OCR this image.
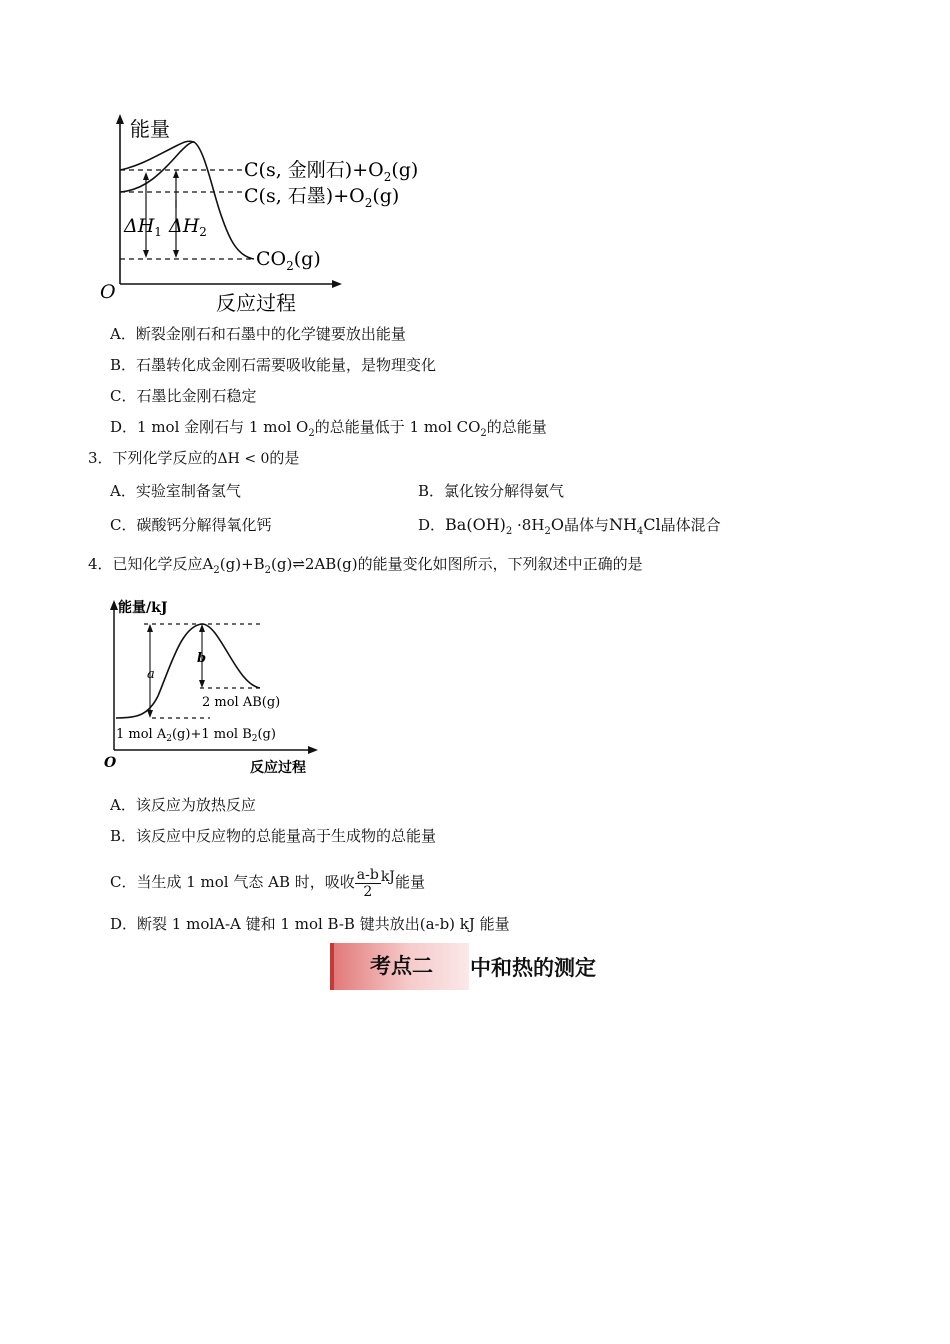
能量
O	反应过程
$\Delta H_1$ $\Delta H_2$
C(s, 金刚石)$+O_2(g)$
C(s, 石墨)$+O_2(g)$
$CO_2(g)$
A．断裂金刚石和石墨中的化学键要放出能量
B．石墨转化成金刚石需要吸收能量，是物理变化
C．石墨比金刚石稳定
D．1 mol 金刚石与 1 mol $O_2$的总能量低于 1 mol $CO_2$的总能量
3．下列化学反应的ΔH < 0的是
A．实验室制备氢气	B．氯化铵分解得氨气
C．碳酸钙分解得氧化钙	D．$Ba(OH)_2 \cdot 8H_2O$晶体与$NH_4Cl$晶体混合
4．已知化学反应$A_2(g)+B_2(g)\rightleftharpoons 2AB(g)$的能量变化如图所示，下列叙述中正确的是
能量/kJ
O	反应过程
a
b
2 mol AB(g)
1 mol $A_2(g)+1$ mol $B_2(g)$
A．该反应为放热反应
B．该反应中反应物的总能量高于生成物的总能量
C．当生成 1 mol 气态 AB 时，吸收 $\frac{a-b}{2}$ kJ能量
D．断裂 1 molA-A 键和 1 mol B-B 键共放出(a-b) kJ 能量
考点二	中和热的测定
